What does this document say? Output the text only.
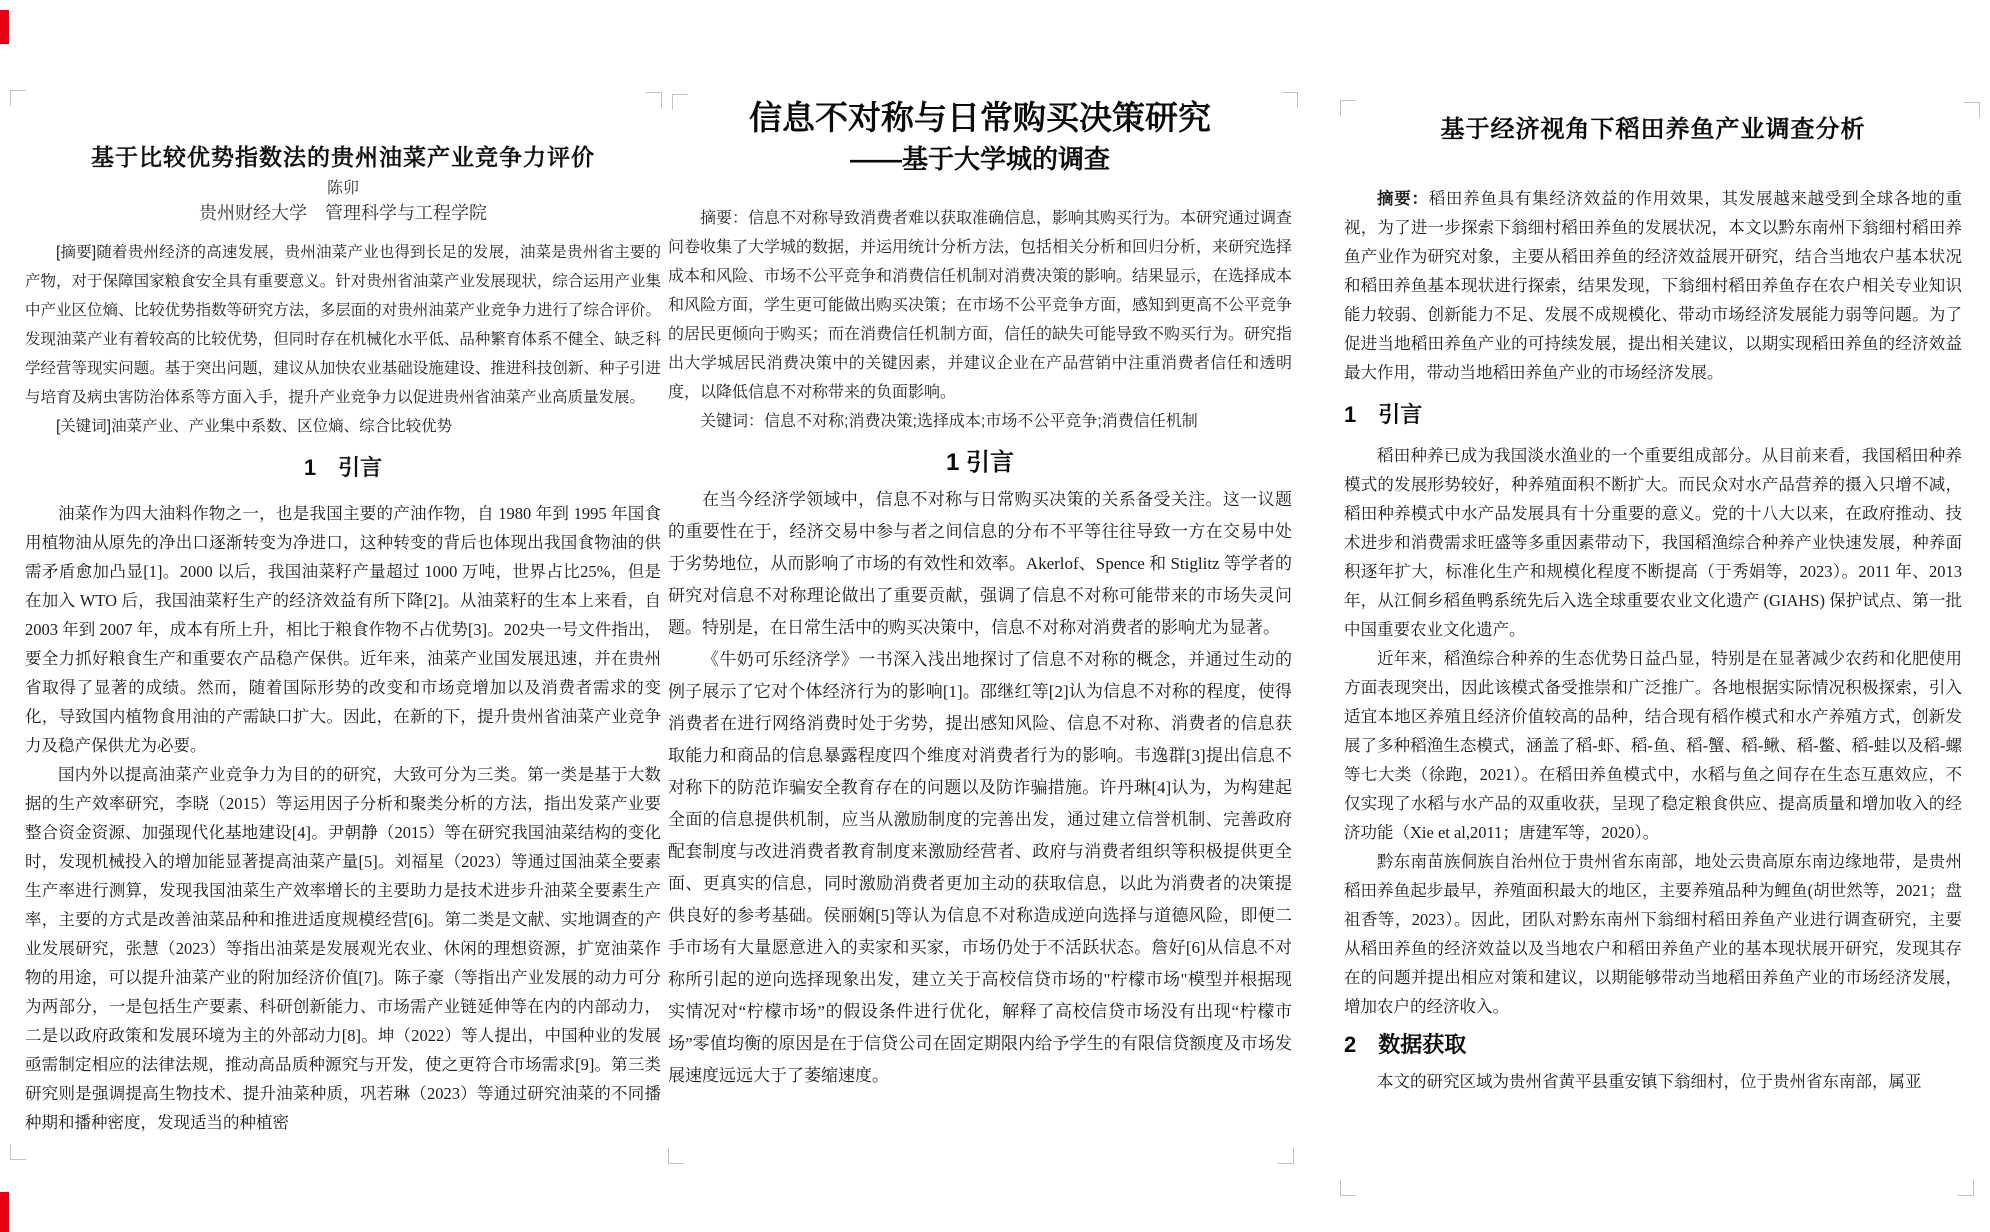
基于比较优势指数法的贵州油菜产业竞争力评价
陈卯
贵州财经大学　管理科学与工程学院

[摘要]随着贵州经济的高速发展，贵州油菜产业也得到长足的发展，油菜是贵州省主要的产物，对于保障国家粮食安全具有重要意义。针对贵州省油菜产业发展现状，综合运用产业集中产业区位熵、比较优势指数等研究方法，多层面的对贵州油菜产业竞争力进行了综合评价。发现油菜产业有着较高的比较优势，但同时存在机械化水平低、品种繁育体系不健全、缺乏科学经营等现实问题。基于突出问题，建议从加快农业基础设施建设、推进科技创新、种子引进与培育及病虫害防治体系等方面入手，提升产业竞争力以促进贵州省油菜产业高质量发展。

[关键词]油菜产业、产业集中系数、区位熵、综合比较优势

1　引言

油菜作为四大油料作物之一，也是我国主要的产油作物，自 1980 年到 1995 年国食用植物油从原先的净出口逐渐转变为净进口，这种转变的背后也体现出我国食物油的供需矛盾愈加凸显[1]。2000 以后，我国油菜籽产量超过 1000 万吨，世界占比25%，但是在加入 WTO 后，我国油菜籽生产的经济效益有所下降[2]。从油菜籽的生本上来看，自 2003 年到 2007 年，成本有所上升，相比于粮食作物不占优势[3]。202央一号文件指出，要全力抓好粮食生产和重要农产品稳产保供。近年来，油菜产业国发展迅速，并在贵州省取得了显著的成绩。然而，随着国际形势的改变和市场竞增加以及消费者需求的变化，导致国内植物食用油的产需缺口扩大。因此，在新的下，提升贵州省油菜产业竞争力及稳产保供尤为必要。

国内外以提高油菜产业竞争力为目的的研究，大致可分为三类。第一类是基于大数据的生产效率研究，李晓（2015）等运用因子分析和聚类分析的方法，指出发菜产业要整合资金资源、加强现代化基地建设[4]。尹朝静（2015）等在研究我国油菜结构的变化时，发现机械投入的增加能显著提高油菜产量[5]。刘福星（2023）等通过国油菜全要素生产率进行测算，发现我国油菜生产效率增长的主要助力是技术进步升油菜全要素生产率，主要的方式是改善油菜品种和推进适度规模经营[6]。第二类是文献、实地调查的产业发展研究，张慧（2023）等指出油菜是发展观光农业、休闲的理想资源，扩宽油菜作物的用途，可以提升油菜产业的附加经济价值[7]。陈子豪（等指出产业发展的动力可分为两部分，一是包括生产要素、科研创新能力、市场需产业链延伸等在内的内部动力，二是以政府政策和发展环境为主的外部动力[8]。坤（2022）等人提出，中国种业的发展亟需制定相应的法律法规，推动高品质种源究与开发，使之更符合市场需求[9]。第三类研究则是强调提高生物技术、提升油菜种质，巩若琳（2023）等通过研究油菜的不同播种期和播种密度，发现适当的种植密

信息不对称与日常购买决策研究
——基于大学城的调查

摘要：信息不对称导致消费者难以获取准确信息，影响其购买行为。本研究通过调查问卷收集了大学城的数据，并运用统计分析方法，包括相关分析和回归分析，来研究选择成本和风险、市场不公平竞争和消费信任机制对消费决策的影响。结果显示，在选择成本和风险方面，学生更可能做出购买决策；在市场不公平竞争方面，感知到更高不公平竞争的居民更倾向于购买；而在消费信任机制方面，信任的缺失可能导致不购买行为。研究指出大学城居民消费决策中的关键因素，并建议企业在产品营销中注重消费者信任和透明度，以降低信息不对称带来的负面影响。

关键词：信息不对称;消费决策;选择成本;市场不公平竞争;消费信任机制

1 引言

在当今经济学领域中，信息不对称与日常购买决策的关系备受关注。这一议题的重要性在于，经济交易中参与者之间信息的分布不平等往往导致一方在交易中处于劣势地位，从而影响了市场的有效性和效率。Akerlof、Spence 和 Stiglitz 等学者的研究对信息不对称理论做出了重要贡献，强调了信息不对称可能带来的市场失灵问题。特别是，在日常生活中的购买决策中，信息不对称对消费者的影响尤为显著。

《牛奶可乐经济学》一书深入浅出地探讨了信息不对称的概念，并通过生动的例子展示了它对个体经济行为的影响[1]。邵继红等[2]认为信息不对称的程度，使得消费者在进行网络消费时处于劣势，提出感知风险、信息不对称、消费者的信息获取能力和商品的信息暴露程度四个维度对消费者行为的影响。韦逸群[3]提出信息不对称下的防范诈骗安全教育存在的问题以及防诈骗措施。许丹琳[4]认为，为构建起全面的信息提供机制，应当从激励制度的完善出发，通过建立信誉机制、完善政府配套制度与改进消费者教育制度来激励经营者、政府与消费者组织等积极提供更全面、更真实的信息，同时激励消费者更加主动的获取信息，以此为消费者的决策提供良好的参考基础。侯丽娴[5]等认为信息不对称造成逆向选择与道德风险，即便二手市场有大量愿意进入的卖家和买家，市场仍处于不活跃状态。詹好[6]从信息不对称所引起的逆向选择现象出发，建立关于高校信贷市场的"柠檬市场"模型并根据现实情况对“柠檬市场”的假设条件进行优化，解释了高校信贷市场没有出现“柠檬市场”零值均衡的原因是在于信贷公司在固定期限内给予学生的有限信贷额度及市场发展速度远远大于了萎缩速度。

基于经济视角下稻田养鱼产业调查分析

摘要：稻田养鱼具有集经济效益的作用效果，其发展越来越受到全球各地的重视，为了进一步探索下翁细村稻田养鱼的发展状况，本文以黔东南州下翁细村稻田养鱼产业作为研究对象，主要从稻田养鱼的经济效益展开研究，结合当地农户基本状况和稻田养鱼基本现状进行探索，结果发现，下翁细村稻田养鱼存在农户相关专业知识能力较弱、创新能力不足、发展不成规模化、带动市场经济发展能力弱等问题。为了促进当地稻田养鱼产业的可持续发展，提出相关建议，以期实现稻田养鱼的经济效益最大作用，带动当地稻田养鱼产业的市场经济发展。

1　引言

稻田种养已成为我国淡水渔业的一个重要组成部分。从目前来看，我国稻田种养模式的发展形势较好，种养殖面积不断扩大。而民众对水产品营养的摄入只增不减，稻田种养模式中水产品发展具有十分重要的意义。党的十八大以来，在政府推动、技术进步和消费需求旺盛等多重因素带动下，我国稻渔综合种养产业快速发展，种养面积逐年扩大，标准化生产和规模化程度不断提高（于秀娟等，2023）。2011 年、2013 年，从江侗乡稻鱼鸭系统先后入选全球重要农业文化遗产 (GIAHS) 保护试点、第一批中国重要农业文化遗产。

近年来，稻渔综合种养的生态优势日益凸显，特别是在显著减少农药和化肥使用方面表现突出，因此该模式备受推崇和广泛推广。各地根据实际情况积极探索，引入适宜本地区养殖且经济价值较高的品种，结合现有稻作模式和水产养殖方式，创新发展了多种稻渔生态模式，涵盖了稻-虾、稻-鱼、稻-蟹、稻-鳅、稻-鳖、稻-蛙以及稻-螺等七大类（徐跑，2021）。在稻田养鱼模式中，水稻与鱼之间存在生态互惠效应，不仅实现了水稻与水产品的双重收获，呈现了稳定粮食供应、提高质量和增加收入的经济功能（Xie et al,2011；唐建军等，2020）。

黔东南苗族侗族自治州位于贵州省东南部，地处云贵高原东南边缘地带，是贵州稻田养鱼起步最早，养殖面积最大的地区，主要养殖品种为鲤鱼(胡世然等，2021；盘祖香等，2023）。因此，团队对黔东南州下翁细村稻田养鱼产业进行调查研究，主要从稻田养鱼的经济效益以及当地农户和稻田养鱼产业的基本现状展开研究，发现其存在的问题并提出相应对策和建议，以期能够带动当地稻田养鱼产业的市场经济发展，增加农户的经济收入。

2　数据获取

本文的研究区域为贵州省黄平县重安镇下翁细村，位于贵州省东南部，属亚
